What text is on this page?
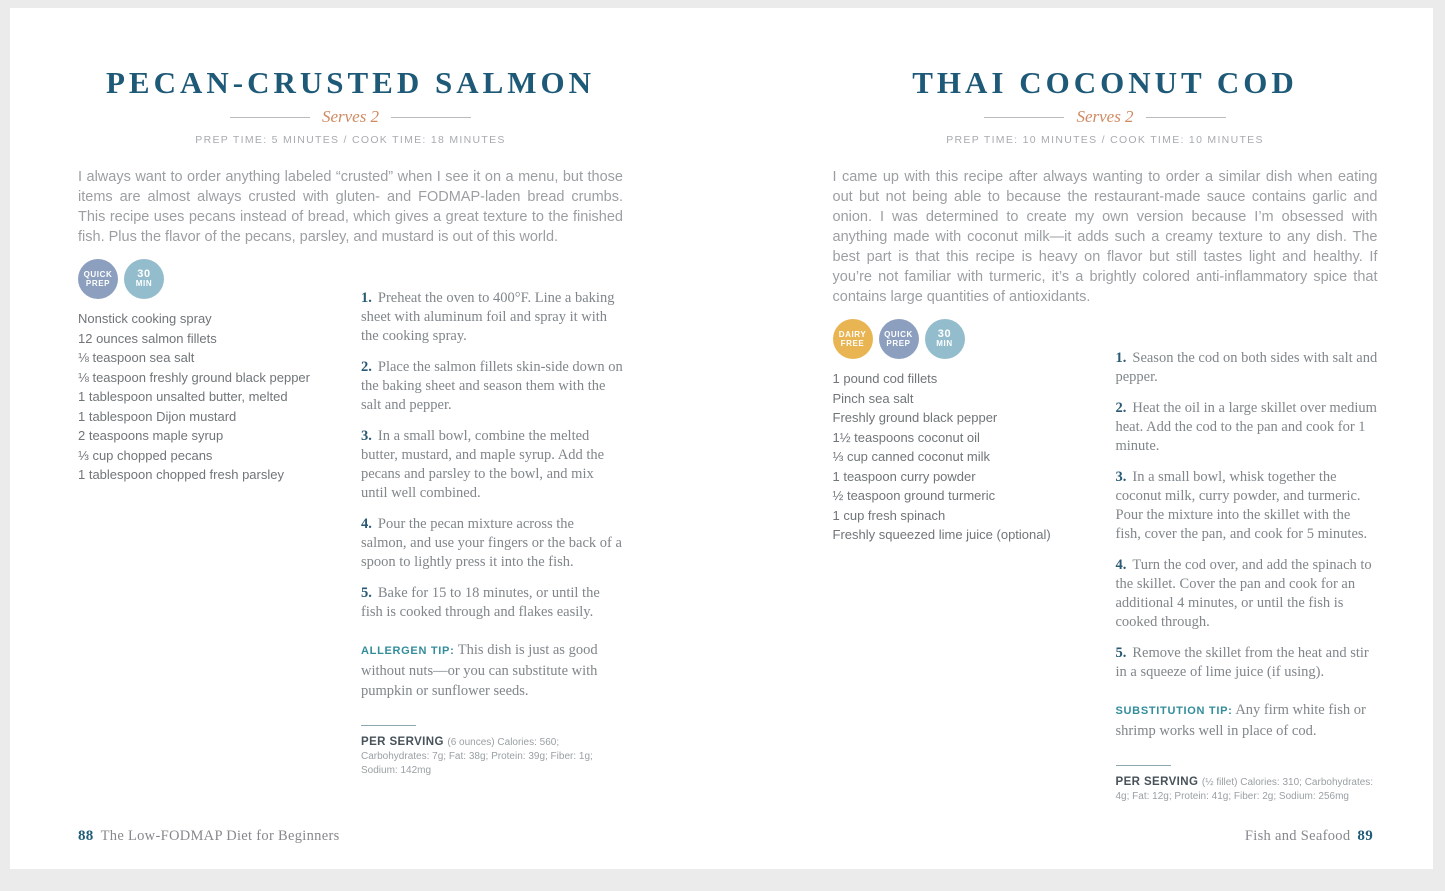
PECAN-CRUSTED SALMON
Serves 2
PREP TIME: 5 MINUTES / COOK TIME: 18 MINUTES

I always want to order anything labeled “crusted” when I see it on a menu, but those items are almost always crusted with gluten- and FODMAP-laden bread crumbs. This recipe uses pecans instead of bread, which gives a great texture to the finished fish. Plus the flavor of the pecans, parsley, and mustard is out of this world.

QUICK
PREP
30
MIN
Nonstick cooking spray
12 ounces salmon fillets
⅛ teaspoon sea salt
⅛ teaspoon freshly ground black pepper
1 tablespoon unsalted butter, melted
1 tablespoon Dijon mustard
2 teaspoons maple syrup
⅓ cup chopped pecans
1 tablespoon chopped fresh parsley

1. Preheat the oven to 400°F. Line a baking sheet with aluminum foil and spray it with the cooking spray.

2. Place the salmon fillets skin-side down on the baking sheet and season them with the salt and pepper.

3. In a small bowl, combine the melted butter, mustard, and maple syrup. Add the pecans and parsley to the bowl, and mix until well combined.

4. Pour the pecan mixture across the salmon, and use your fingers or the back of a spoon to lightly press it into the fish.

5. Bake for 15 to 18 minutes, or until the fish is cooked through and flakes easily.

ALLERGEN TIP: This dish is just as good without nuts—or you can substitute with pumpkin or sunflower seeds.

PER SERVING (6 ounces) Calories: 560; Carbohydrates: 7g; Fat: 38g; Protein: 39g; Fiber: 1g; Sodium: 142mg

88 The Low-FODMAP Diet for Beginners
THAI COCONUT COD
Serves 2
PREP TIME: 10 MINUTES / COOK TIME: 10 MINUTES

I came up with this recipe after always wanting to order a similar dish when eating out but not being able to because the restaurant-made sauce contains garlic and onion. I was determined to create my own version because I’m obsessed with anything made with coconut milk—it adds such a creamy texture to any dish. The best part is that this recipe is heavy on flavor but still tastes light and healthy. If you’re not familiar with turmeric, it’s a brightly colored anti-inflammatory spice that contains large quantities of antioxidants.

DAIRY
FREE
QUICK
PREP
30
MIN
1 pound cod fillets
Pinch sea salt
Freshly ground black pepper
1½ teaspoons coconut oil
⅓ cup canned coconut milk
1 teaspoon curry powder
½ teaspoon ground turmeric
1 cup fresh spinach
Freshly squeezed lime juice (optional)

1. Season the cod on both sides with salt and pepper.

2. Heat the oil in a large skillet over medium heat. Add the cod to the pan and cook for 1 minute.

3. In a small bowl, whisk together the coconut milk, curry powder, and turmeric. Pour the mixture into the skillet with the fish, cover the pan, and cook for 5 minutes.

4. Turn the cod over, and add the spinach to the skillet. Cover the pan and cook for an additional 4 minutes, or until the fish is cooked through.

5. Remove the skillet from the heat and stir in a squeeze of lime juice (if using).

SUBSTITUTION TIP: Any firm white fish or shrimp works well in place of cod.

PER SERVING (½ fillet) Calories: 310; Carbohydrates: 4g; Fat: 12g; Protein: 41g; Fiber: 2g; Sodium: 256mg

Fish and Seafood 89
